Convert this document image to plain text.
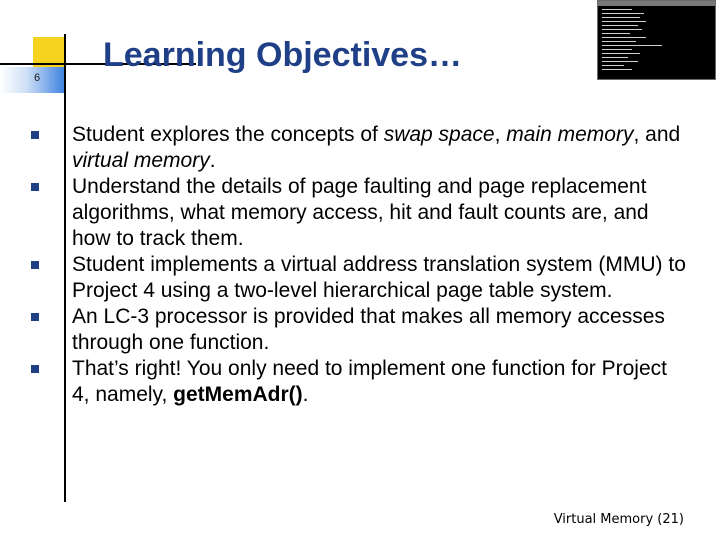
6
Learning Objectives…
Student explores the concepts of swap space, main memory, and virtual memory.
Understand the details of page faulting and page replacement algorithms, what memory access, hit and fault counts are, and how to track them.
Student implements a virtual address translation system (MMU) to Project 4 using a two-level hierarchical page table system.
An LC-3 processor is provided that makes all memory accesses through one function.
That’s right! You only need to implement one function for Project 4, namely, getMemAdr().
Virtual Memory (21)
